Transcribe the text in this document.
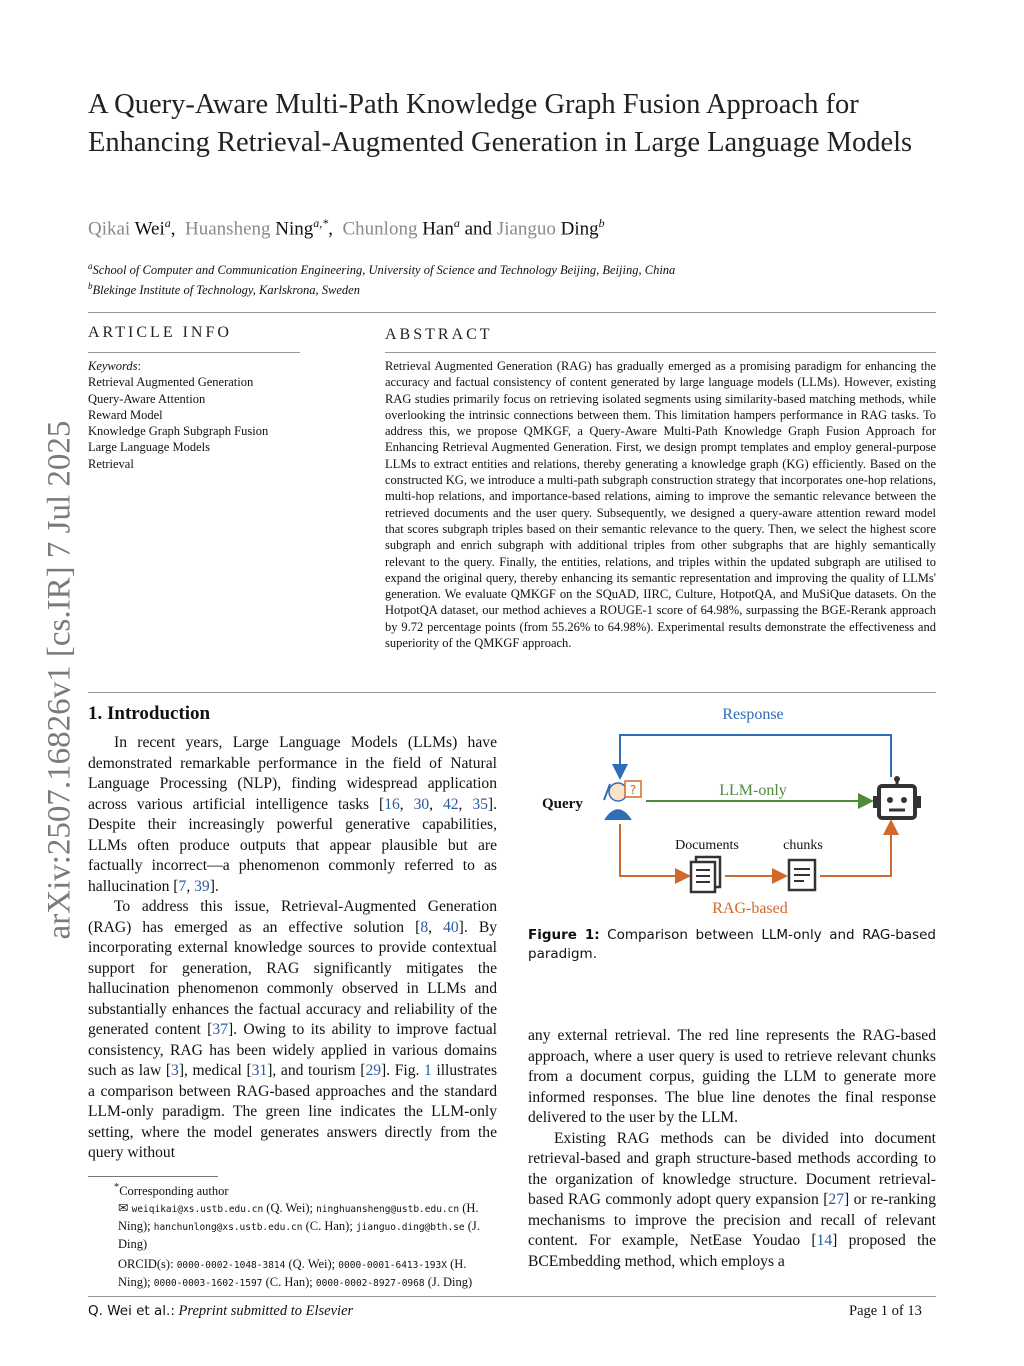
arXiv:2507.16826v1 [cs.IR] 7 Jul 2025
A Query-Aware Multi-Path Knowledge Graph Fusion Approach for Enhancing Retrieval-Augmented Generation in Large Language Models
Qikai Wei$^a$,  Huansheng Ning$^{a,*}$,  Chunlong Han$^a$ and Jianguo Ding$^b$
$^a$School of Computer and Communication Engineering, University of Science and Technology Beijing, Beijing, China
$^b$Blekinge Institute of Technology, Karlskrona, Sweden
ARTICLE INFO
Keywords:
Retrieval Augmented Generation
Query-Aware Attention
Reward Model
Knowledge Graph Subgraph Fusion
Large Language Models
Retrieval
ABSTRACT
Retrieval Augmented Generation (RAG) has gradually emerged as a promising paradigm for enhancing the accuracy and factual consistency of content generated by large language models (LLMs). However, existing RAG studies primarily focus on retrieving isolated segments using similarity-based matching methods, while overlooking the intrinsic connections between them. This limitation hampers performance in RAG tasks. To address this, we propose QMKGF, a Query-Aware Multi-Path Knowledge Graph Fusion Approach for Enhancing Retrieval Augmented Generation. First, we design prompt templates and employ general-purpose LLMs to extract entities and relations, thereby generating a knowledge graph (KG) efficiently. Based on the constructed KG, we introduce a multi-path subgraph construction strategy that incorporates one-hop relations, multi-hop relations, and importance-based relations, aiming to improve the semantic relevance between the retrieved documents and the user query. Subsequently, we designed a query-aware attention reward model that scores subgraph triples based on their semantic relevance to the query. Then, we select the highest score subgraph and enrich subgraph with additional triples from other subgraphs that are highly semantically relevant to the query. Finally, the entities, relations, and triples within the updated subgraph are utilised to expand the original query, thereby enhancing its semantic representation and improving the quality of LLMs' generation. We evaluate QMKGF on the SQuAD, IIRC, Culture, HotpotQA, and MuSiQue datasets. On the HotpotQA dataset, our method achieves a ROUGE-1 score of 64.98%, surpassing the BGE-Rerank approach by 9.72 percentage points (from 55.26% to 64.98%). Experimental results demonstrate the effectiveness and superiority of the QMKGF approach.
1. Introduction

In recent years, Large Language Models (LLMs) have demonstrated remarkable performance in the field of Natural Language Processing (NLP), finding widespread application across various artificial intelligence tasks [16, 30, 42, 35]. Despite their increasingly powerful generative capabilities, LLMs often produce outputs that appear plausible but are factually incorrect—a phenomenon commonly referred to as hallucination [7, 39].

To address this issue, Retrieval-Augmented Generation (RAG) has emerged as an effective solution [8, 40]. By incorporating external knowledge sources to provide contextual support for generation, RAG significantly mitigates the hallucination phenomenon commonly observed in LLMs and substantially enhances the factual accuracy and reliability of the generated content [37]. Owing to its ability to improve factual consistency, RAG has been widely applied in various domains such as law [3], medical [31], and tourism [29]. Fig. 1 illustrates a comparison between RAG-based approaches and the standard LLM-only paradigm. The green line indicates the LLM-only setting, where the model generates answers directly from the query without

Response
Query
?	LLM-only
Documents	chunks
RAG-based
Figure 1: Comparison between LLM-only and RAG-based paradigm.

any external retrieval. The red line represents the RAG-based approach, where a user query is used to retrieve relevant chunks from a document corpus, guiding the LLM to generate more informed responses. The blue line denotes the final response delivered to the user by the LLM.

Existing RAG methods can be divided into document retrieval-based and graph structure-based methods according to the organization of knowledge structure. Document retrieval-based RAG commonly adopt query expansion [27] or re-ranking mechanisms to improve the precision and recall of relevant content. For example, NetEase Youdao [14] proposed the BCEmbedding method, which employs a

*Corresponding author
✉ weiqikai@xs.ustb.edu.cn (Q. Wei); ninghuansheng@ustb.edu.cn (H. Ning); hanchunlong@xs.ustb.edu.cn (C. Han); jianguo.ding@bth.se (J. Ding)
ORCID(s): 0000-0002-1048-3814 (Q. Wei); 0000-0001-6413-193X (H. Ning); 0000-0003-1602-1597 (C. Han); 0000-0002-8927-0968 (J. Ding)
Q. Wei et al.: Preprint submitted to Elsevier	Page 1 of 13
